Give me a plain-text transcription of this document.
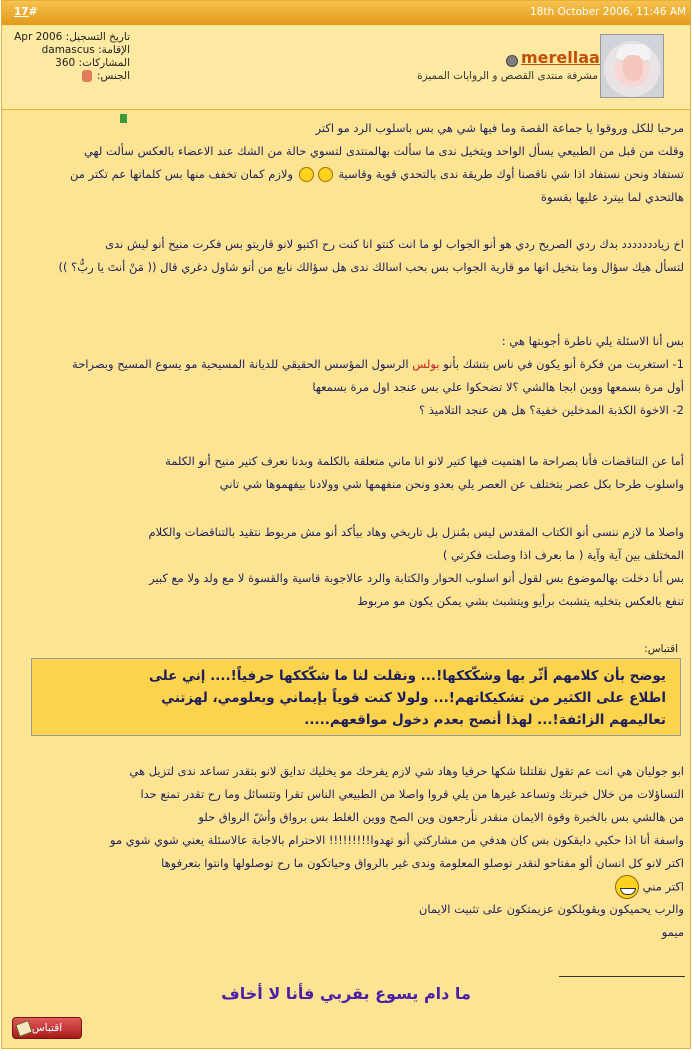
17#	18th October 2006, 11:46 AM
merellaa
مشرفة منتدى القصص و الروايات المميزة
تاريخ التسجيل: Apr 2006
الإقامة: damascus
المشاركات: 360
الجنس:
مرحبا للكل وروقوا يا جماعة القصة وما فيها شي هي بس باسلوب الرد مو اكتر
وقلت من قبل من الطبيعي يسأل الواحد ويتخيل ندى ما سألت بهالمنتدى لتسوي حالة من الشك عند الاعضاء بالعكس سألت لهي
تستفاد ونحن نستفاد اذا شي ناقصنا أوك طريقة ندى بالتحدي قوية وقاسية  ولازم كمان تخفف منها بس كلماتها عم تكتر من
هالتحدي لما بيترد عليها بقسوة
اخ زياددددددد بدك ردي الصريح ردي هو أنو الجواب لو ما انت كنتو انا كنت رح اكتبو لانو قاريتو بس فكرت منيح أنو ليش ندى
لتسأل هيك سؤال وما بتخيل انها مو قارية الجواب بس بحب اسالك ندى هل سؤالك نابع من أنو شاول دغري قال (( مَنْ أنتَ يا ربُّ؟ ))
بس أنا الاسئلة يلي ناطرة أجوبتها هي :
1- استغربت من فكرة أنو يكون في ناس بتشك بأنو بولس الرسول المؤسس الحقيقي للديانة المسيحية مو يسوع المسيح وبصراحة
أول مرة بسمعها ووين ابجا هالشي ؟لا تضحكوا علي بس عنجد اول مرة بسمعها
2- الاخوة الكذبة المدخلين خفية؟ هل هن عنجد التلاميذ ؟
أما عن التناقضات فأنا بصراحة ما اهتميت فيها كتير لانو انا ماني متعلقة بالكلمة وبدنا نعرف كتير منيح أنو الكلمة
واسلوب طرحا بكل عصر بتختلف عن العصر يلي بعدو ونحن منفهمها شي وولادنا بيفهموها شي تاني
واصلا ما لازم ننسى أنو الكتاب المقدس ليس بمُنزل بل تاريخي وهاد بيأكد أنو مش مربوط نتقيد بالتناقضات والكلام
المختلف بين آية وآية ( ما بعرف اذا وصلت فكرتي )
بس أنا دخلت بهالموضوع بس لقول أنو اسلوب الحوار والكتابة والرد عالاجوبة قاسية والقسوة لا مع ولد ولا مع كبير
تنفع بالعكس بتخليه يتشبث برأيو ويتشبث بشي يمكن يكون مو مربوط
اقتباس:
يوضح بأن كلامهم أثّر بها وشكّككها!... ونقلت لنا ما شكّككها حرفياً!.... إني على
اطلاع على الكثير من تشكيكاتهم!... ولولا كنت قوياً بإيماني وبعلومي، لهزتني
تعاليمهم الزائفة!... لهذا أنصح بعدم دخول مواقعهم.....
ابو جوليان هي انت عم تقول نقلتلنا شكها حرفيا وهاد شي لازم يفرحك مو يخليك تدايق لانو بتقدر تساعد ندى لتزيل هي
التساؤلات من خلال خبرتك وتساعد غيرها من يلي قروا واصلا من الطبيعي الناس تقرا وتتسائل وما رح تقدر تمنع حدا
من هالشي بس بالخبرة وقوة الايمان منقدر نأرجعون وين الصح ووين الغلط بس برواق وأشّ الرواق حلو
واسفة أنا اذا حكيي دايقكون بس كان هدفي من مشاركتي أنو تهدوا!!!!!!!!! الاحترام بالاجابة عالاسئلة يعني شوي شوي مو
اكتر لانو كل انسان ألو مفتاحو لنقدر نوصلو المعلومة وندى غير بالرواق وحياتكون ما رح توصلولها وانتوا بتعرفوها
اكتر مني
والرب يحميكون ويقويلكون عزيمتكون على تثبيت الايمان
ميمو
ما دام يسوع بقربي فأنا لا أخاف
اقتباس
